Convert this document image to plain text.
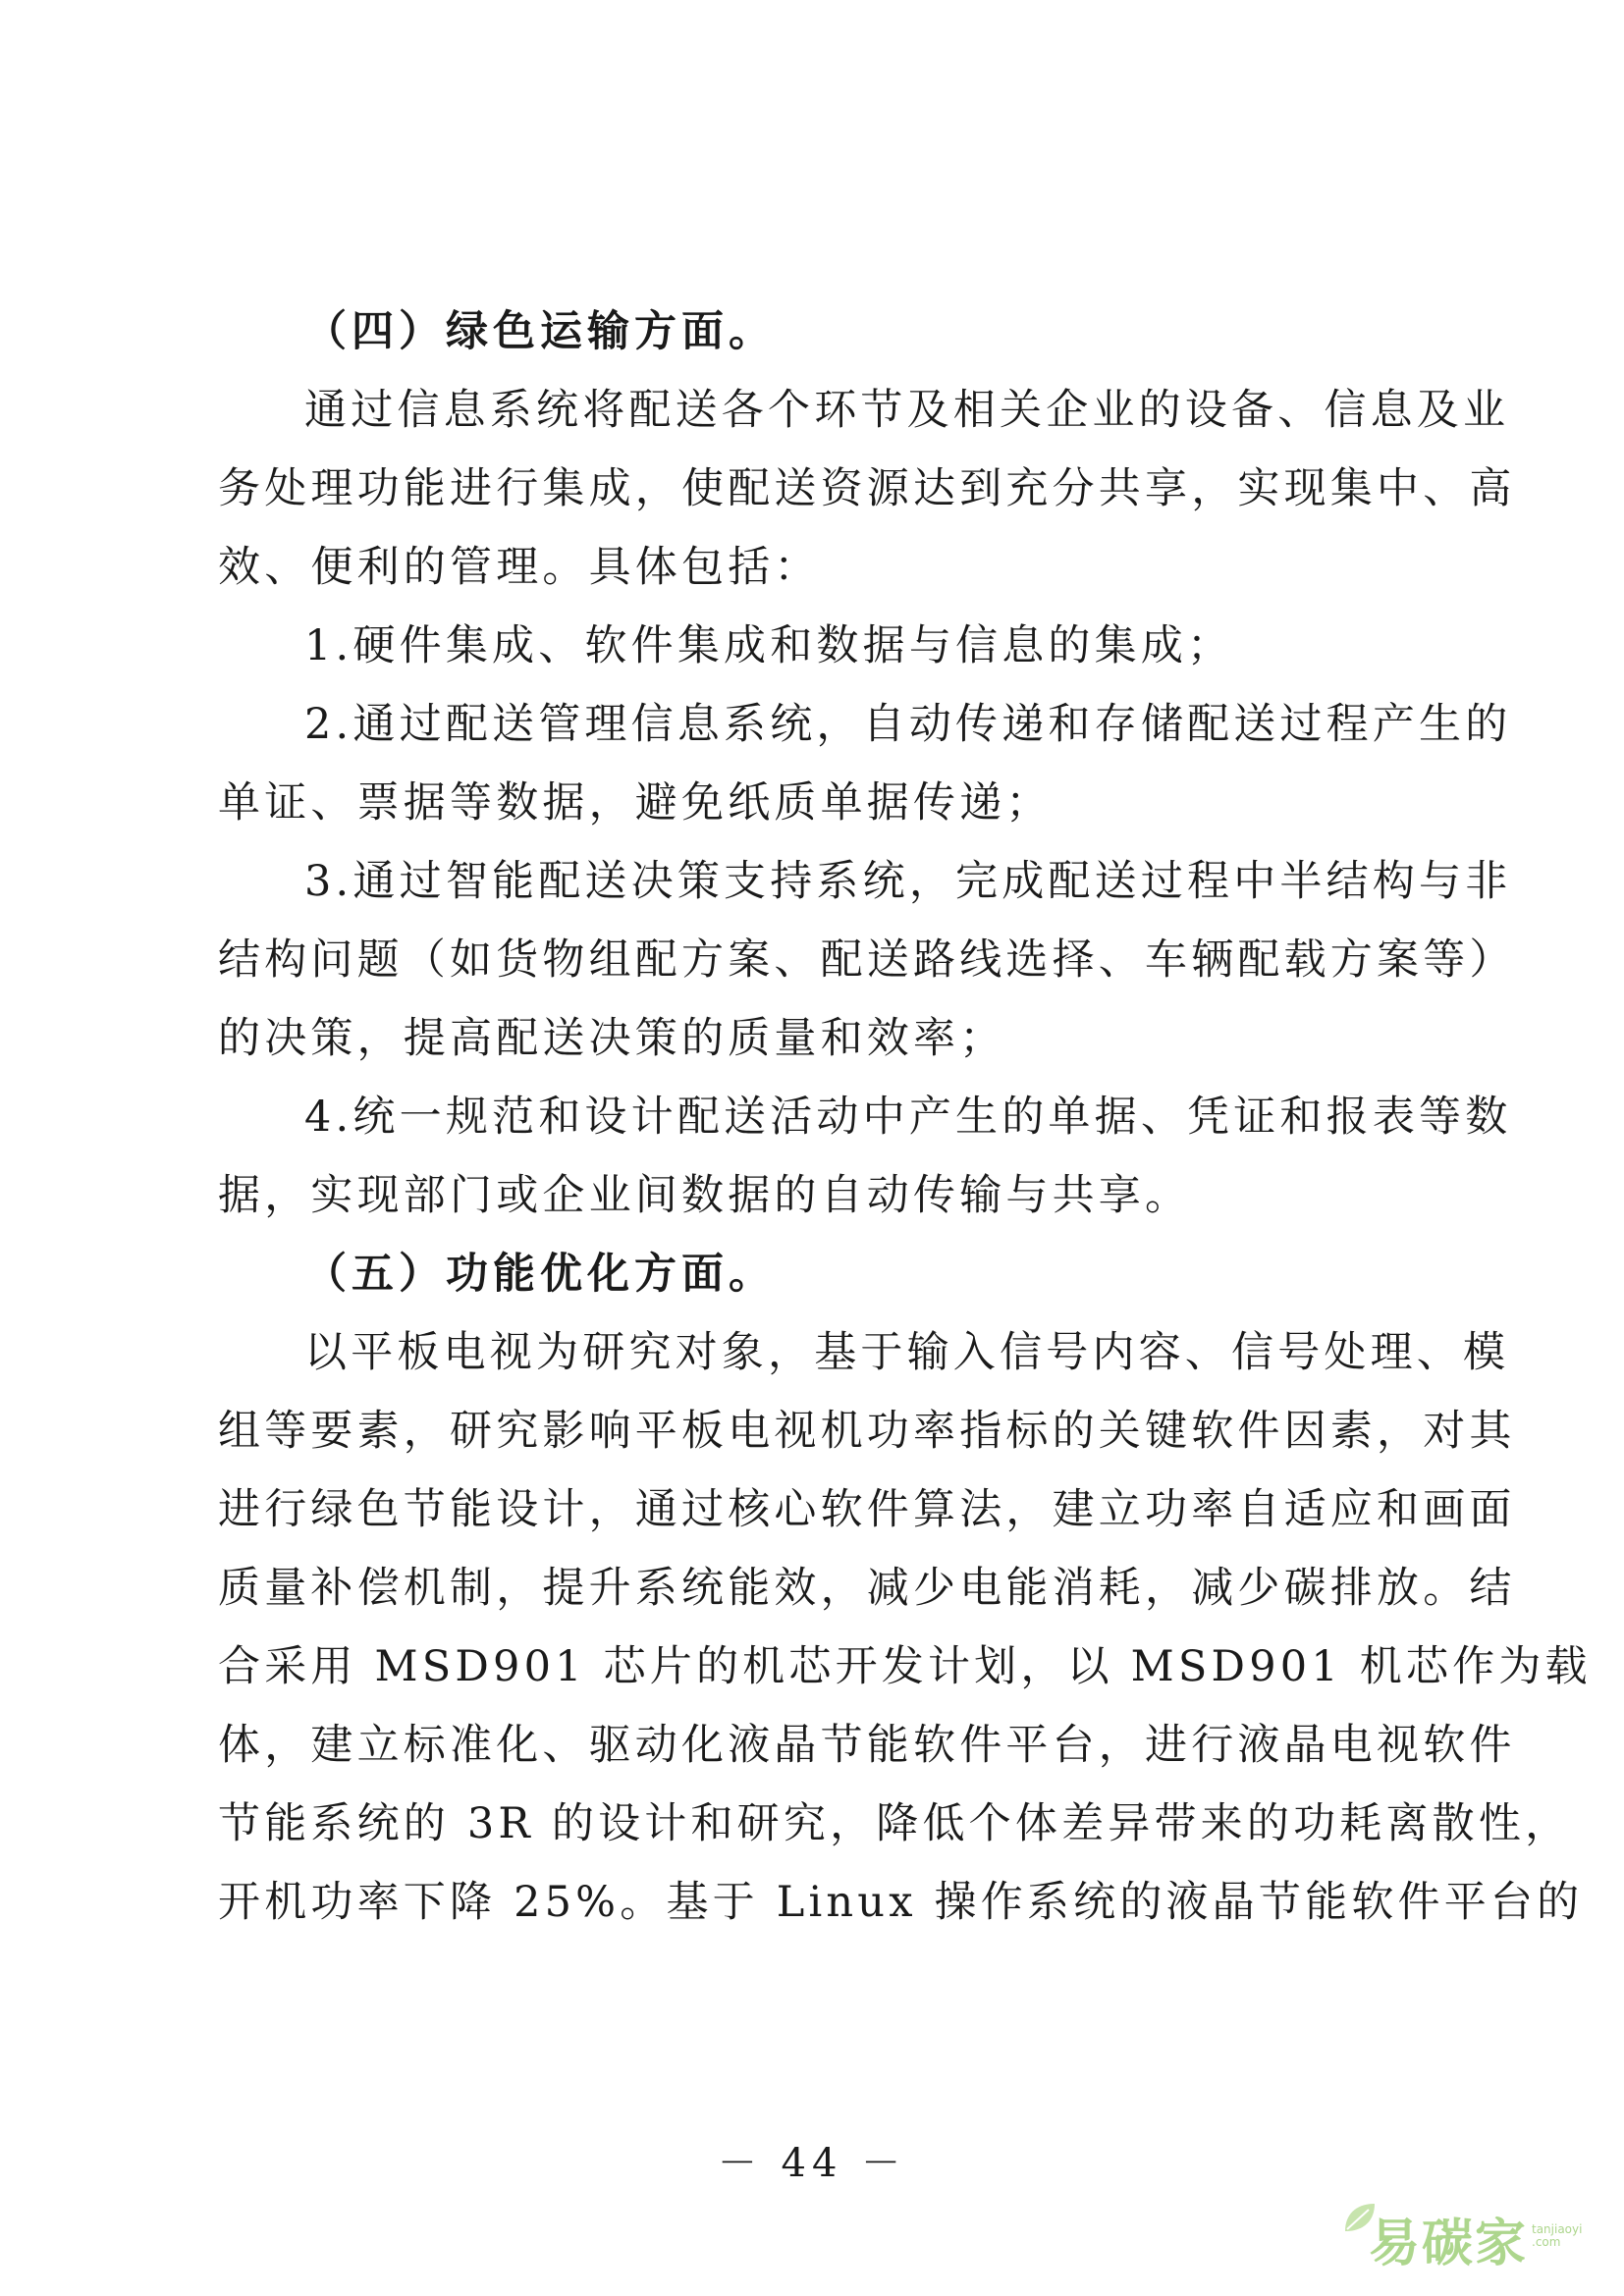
（四）绿色运输方面。
通过信息系统将配送各个环节及相关企业的设备、信息及业
务处理功能进行集成，使配送资源达到充分共享，实现集中、高
效、便利的管理。具体包括：
1.硬件集成、软件集成和数据与信息的集成；
2.通过配送管理信息系统，自动传递和存储配送过程产生的
单证、票据等数据，避免纸质单据传递；
3.通过智能配送决策支持系统，完成配送过程中半结构与非
结构问题（如货物组配方案、配送路线选择、车辆配载方案等）
的决策，提高配送决策的质量和效率；
4.统一规范和设计配送活动中产生的单据、凭证和报表等数
据，实现部门或企业间数据的自动传输与共享。
（五）功能优化方面。
以平板电视为研究对象，基于输入信号内容、信号处理、模
组等要素，研究影响平板电视机功率指标的关键软件因素，对其
进行绿色节能设计，通过核心软件算法，建立功率自适应和画面
质量补偿机制，提升系统能效，减少电能消耗，减少碳排放。结
合采用 MSD901 芯片的机芯开发计划，以 MSD901 机芯作为载
体，建立标准化、驱动化液晶节能软件平台，进行液晶电视软件
节能系统的 3R 的设计和研究，降低个体差异带来的功耗离散性，
开机功率下降 25%。基于 Linux 操作系统的液晶节能软件平台的
－ 44 －
易碳家 tanjiaoyi .com
